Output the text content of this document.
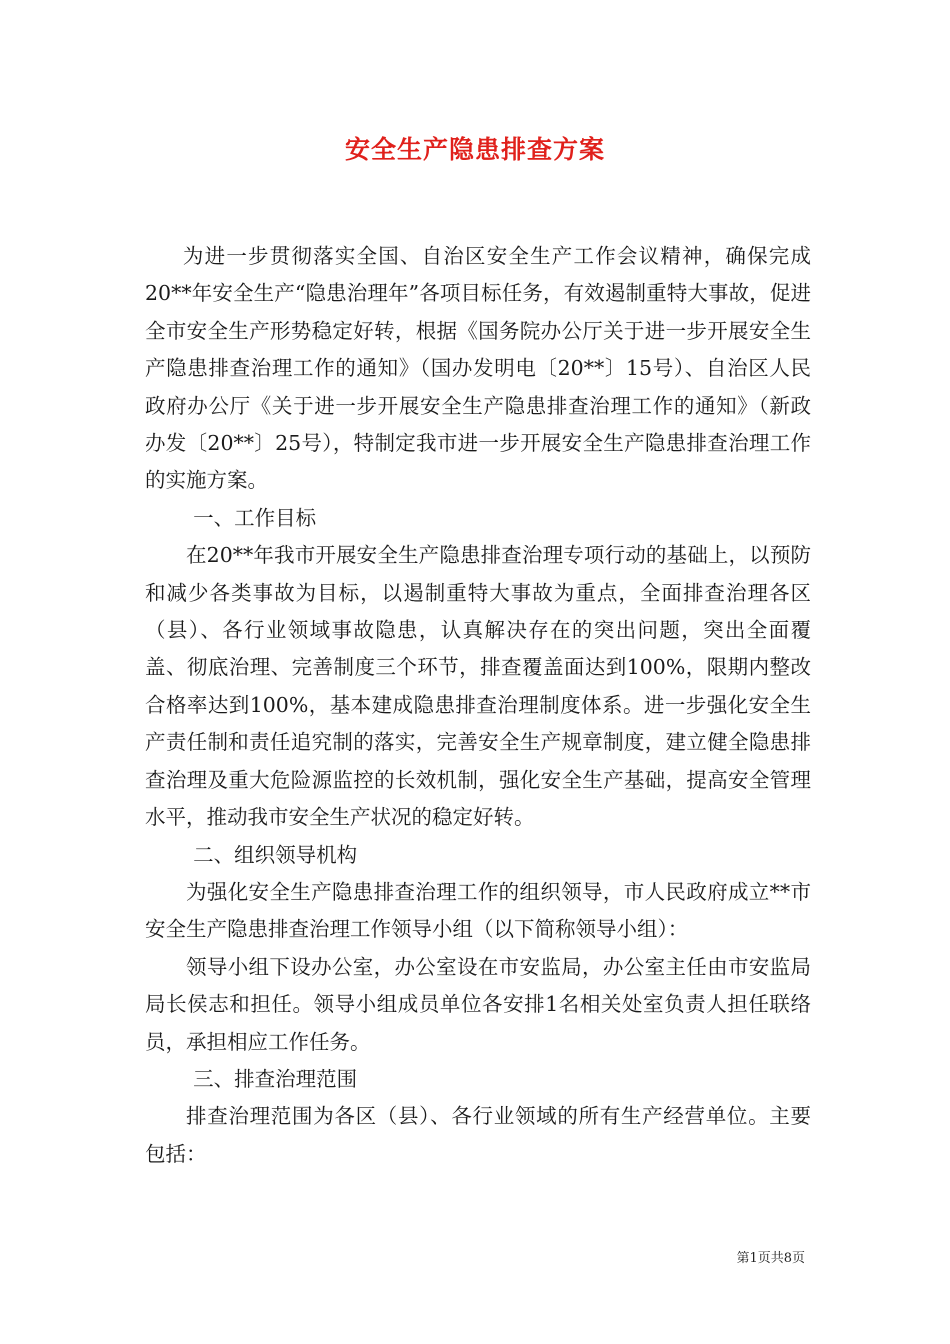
安全生产隐患排查方案

为进一步贯彻落实全国、自治区安全生产工作会议精神，确保完成20**年安全生产“隐患治理年”各项目标任务，有效遏制重特大事故，促进全市安全生产形势稳定好转，根据《国务院办公厅关于进一步开展安全生产隐患排查治理工作的通知》（国办发明电〔20**〕15号）、自治区人民政府办公厅《关于进一步开展安全生产隐患排查治理工作的通知》（新政办发〔20**〕25号），特制定我市进一步开展安全生产隐患排查治理工作的实施方案。

一、工作目标

在20**年我市开展安全生产隐患排查治理专项行动的基础上，以预防和减少各类事故为目标，以遏制重特大事故为重点，全面排查治理各区（县）、各行业领域事故隐患，认真解决存在的突出问题，突出全面覆盖、彻底治理、完善制度三个环节，排查覆盖面达到100%，限期内整改合格率达到100%，基本建成隐患排查治理制度体系。进一步强化安全生产责任制和责任追究制的落实，完善安全生产规章制度，建立健全隐患排查治理及重大危险源监控的长效机制，强化安全生产基础，提高安全管理水平，推动我市安全生产状况的稳定好转。

二、组织领导机构

为强化安全生产隐患排查治理工作的组织领导，市人民政府成立**市安全生产隐患排查治理工作领导小组（以下简称领导小组）：

领导小组下设办公室，办公室设在市安监局，办公室主任由市安监局局长侯志和担任。领导小组成员单位各安排1名相关处室负责人担任联络员，承担相应工作任务。

三、排查治理范围

排查治理范围为各区（县）、各行业领域的所有生产经营单位。主要包括：

第1页共8页
